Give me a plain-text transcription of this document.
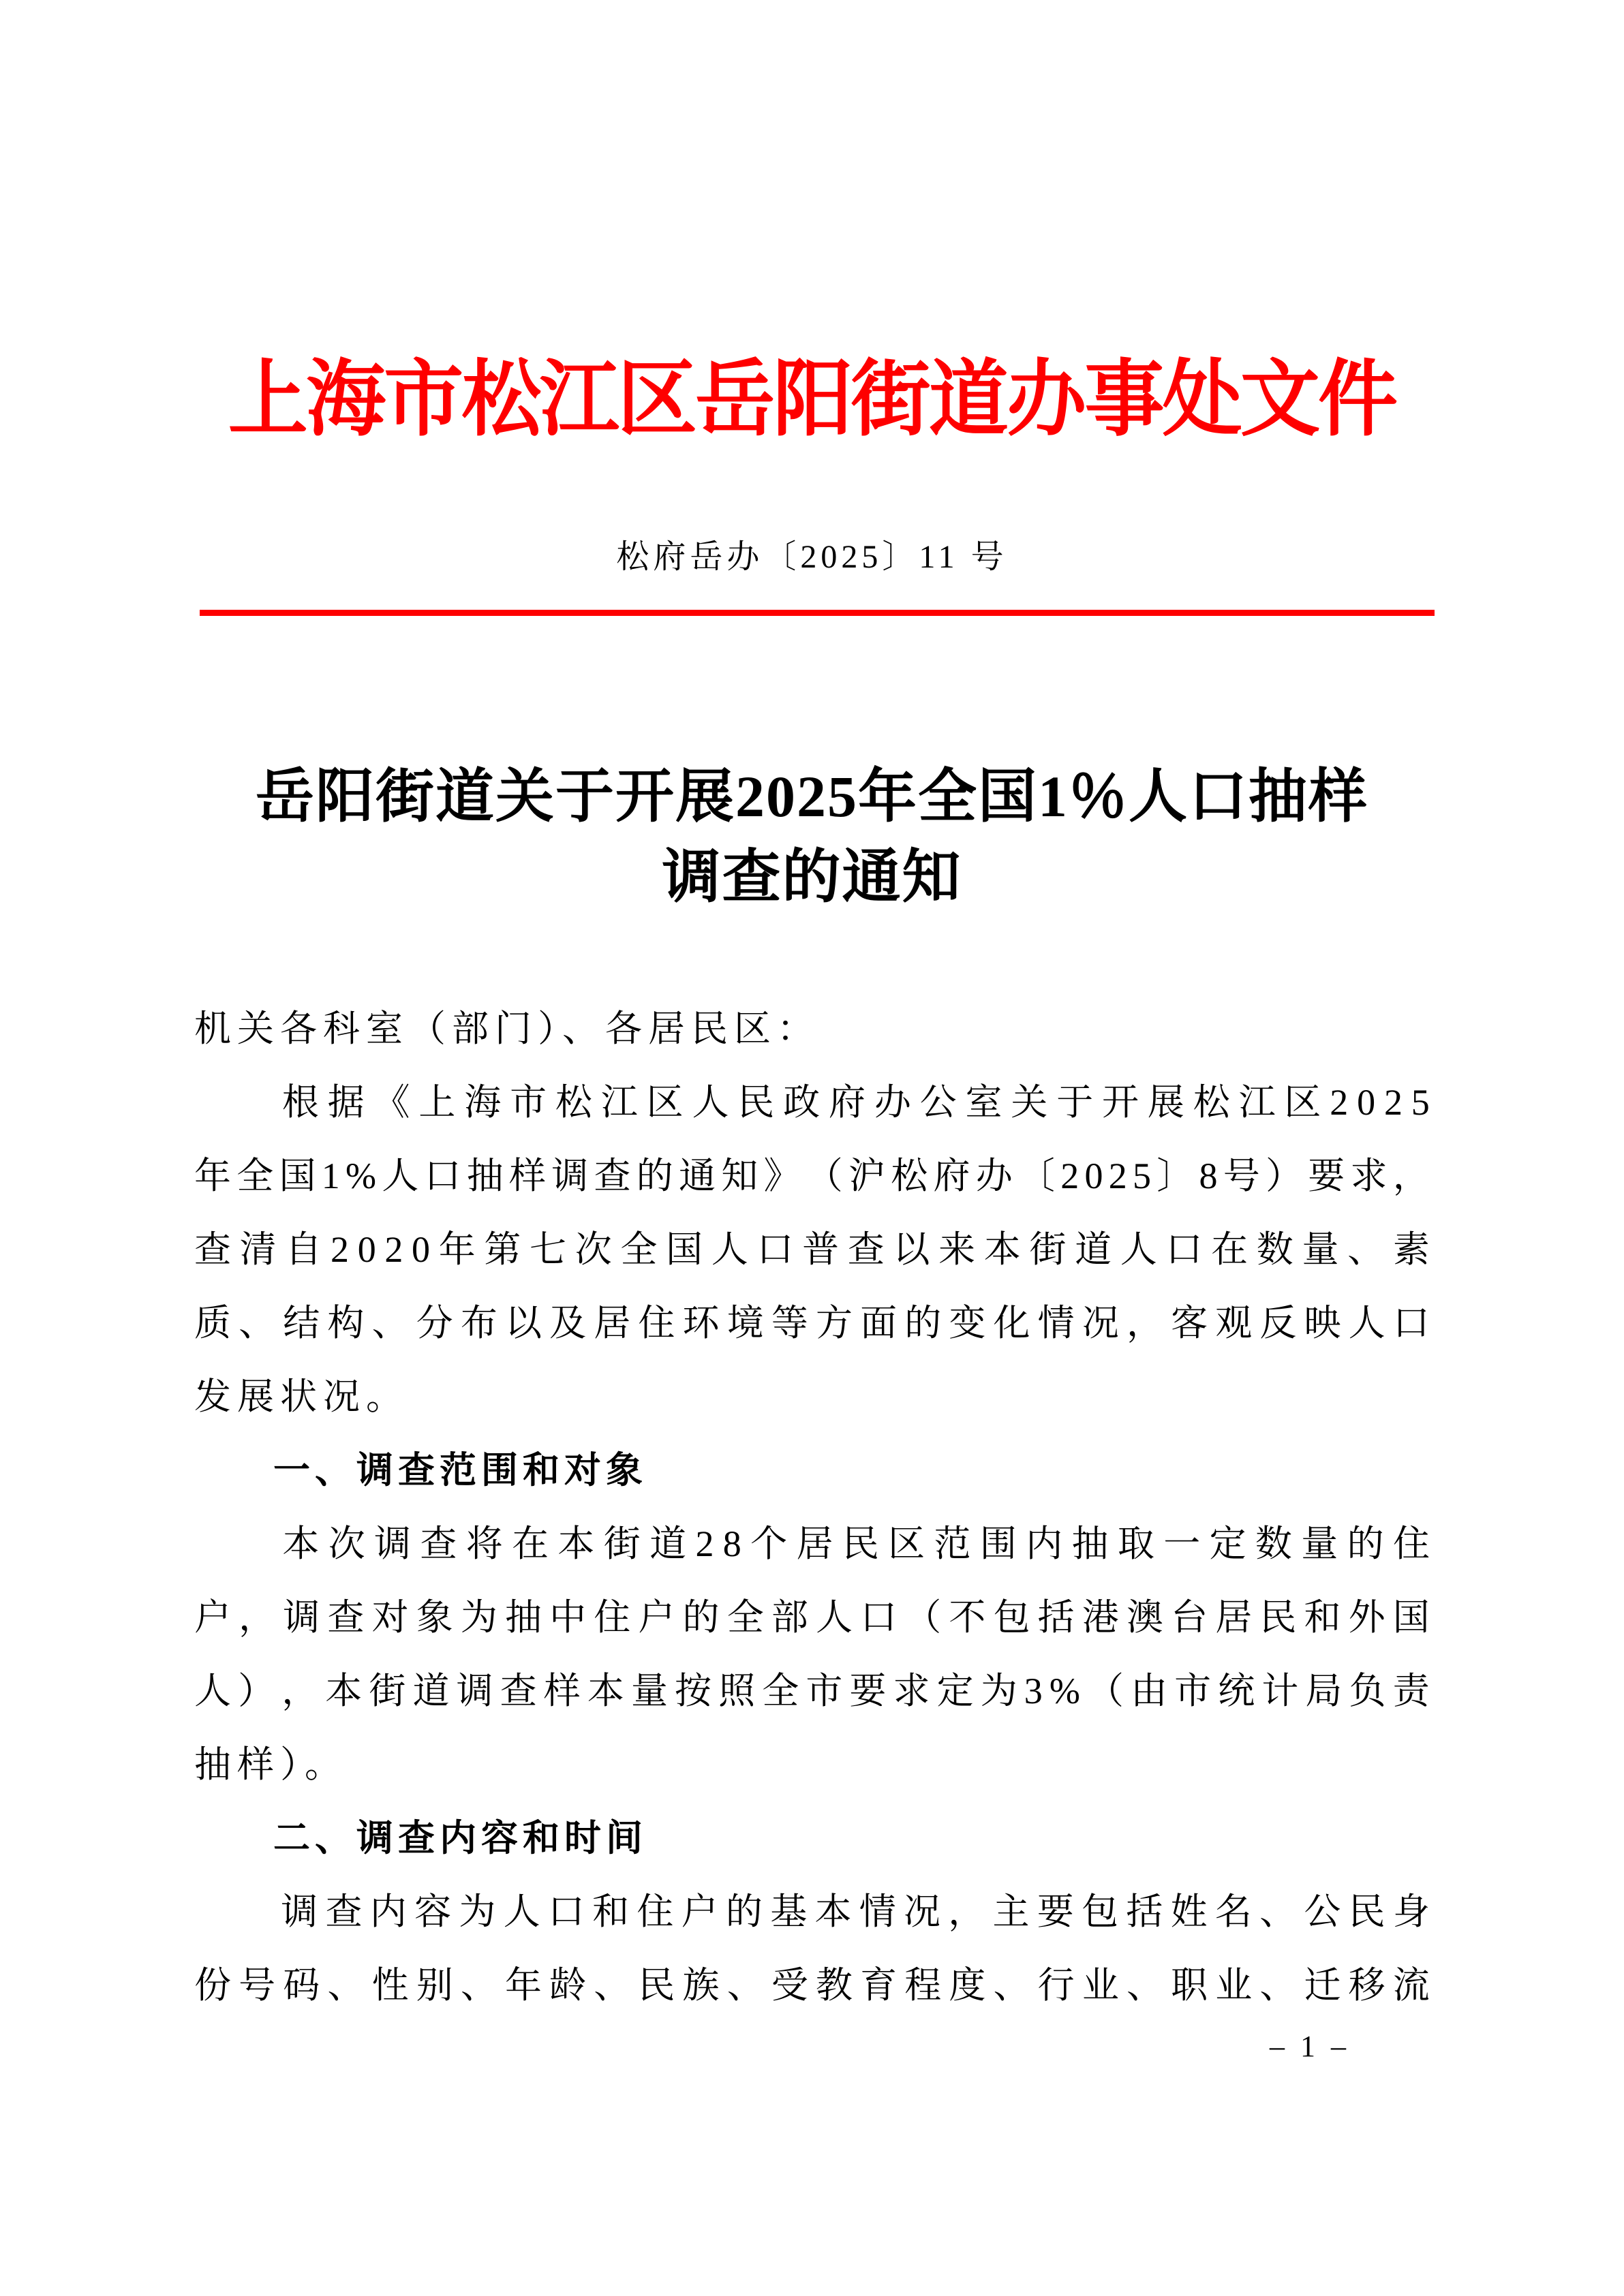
上海市松江区岳阳街道办事处文件
松府岳办〔2025〕11 号
岳阳街道关于开展2025年全国1％人口抽样
调查的通知
机关各科室（部门）、各居民区：
根 据 《 上 海 市 松 江 区 人 民 政 府 办 公 室 关 于 开 展 松 江 区 2 0 2 5
年 全 国 1 % 人 口 抽 样 调 查 的 通 知 》 （ 沪 松 府 办 〔 2 0 2 5 〕 8 号 ） 要 求 ，
查 清 自 2 0 2 0 年 第 七 次 全 国 人 口 普 查 以 来 本 街 道 人 口 在 数 量 、 素
质 、 结 构 、 分 布 以 及 居 住 环 境 等 方 面 的 变 化 情 况 ， 客 观 反 映 人 口
发展状况。
一、调查范围和对象
本 次 调 查 将 在 本 街 道 2 8 个 居 民 区 范 围 内 抽 取 一 定 数 量 的 住
户 ， 调 查 对 象 为 抽 中 住 户 的 全 部 人 口 （ 不 包 括 港 澳 台 居 民 和 外 国
人 ） ， 本 街 道 调 查 样 本 量 按 照 全 市 要 求 定 为 3 % （ 由 市 统 计 局 负 责
抽样）。
二、调查内容和时间
调 查 内 容 为 人 口 和 住 户 的 基 本 情 况 ， 主 要 包 括 姓 名 、 公 民 身
份 号 码 、 性 别 、 年 龄 、 民 族 、 受 教 育 程 度 、 行 业 、 职 业 、 迁 移 流
– 1 –
